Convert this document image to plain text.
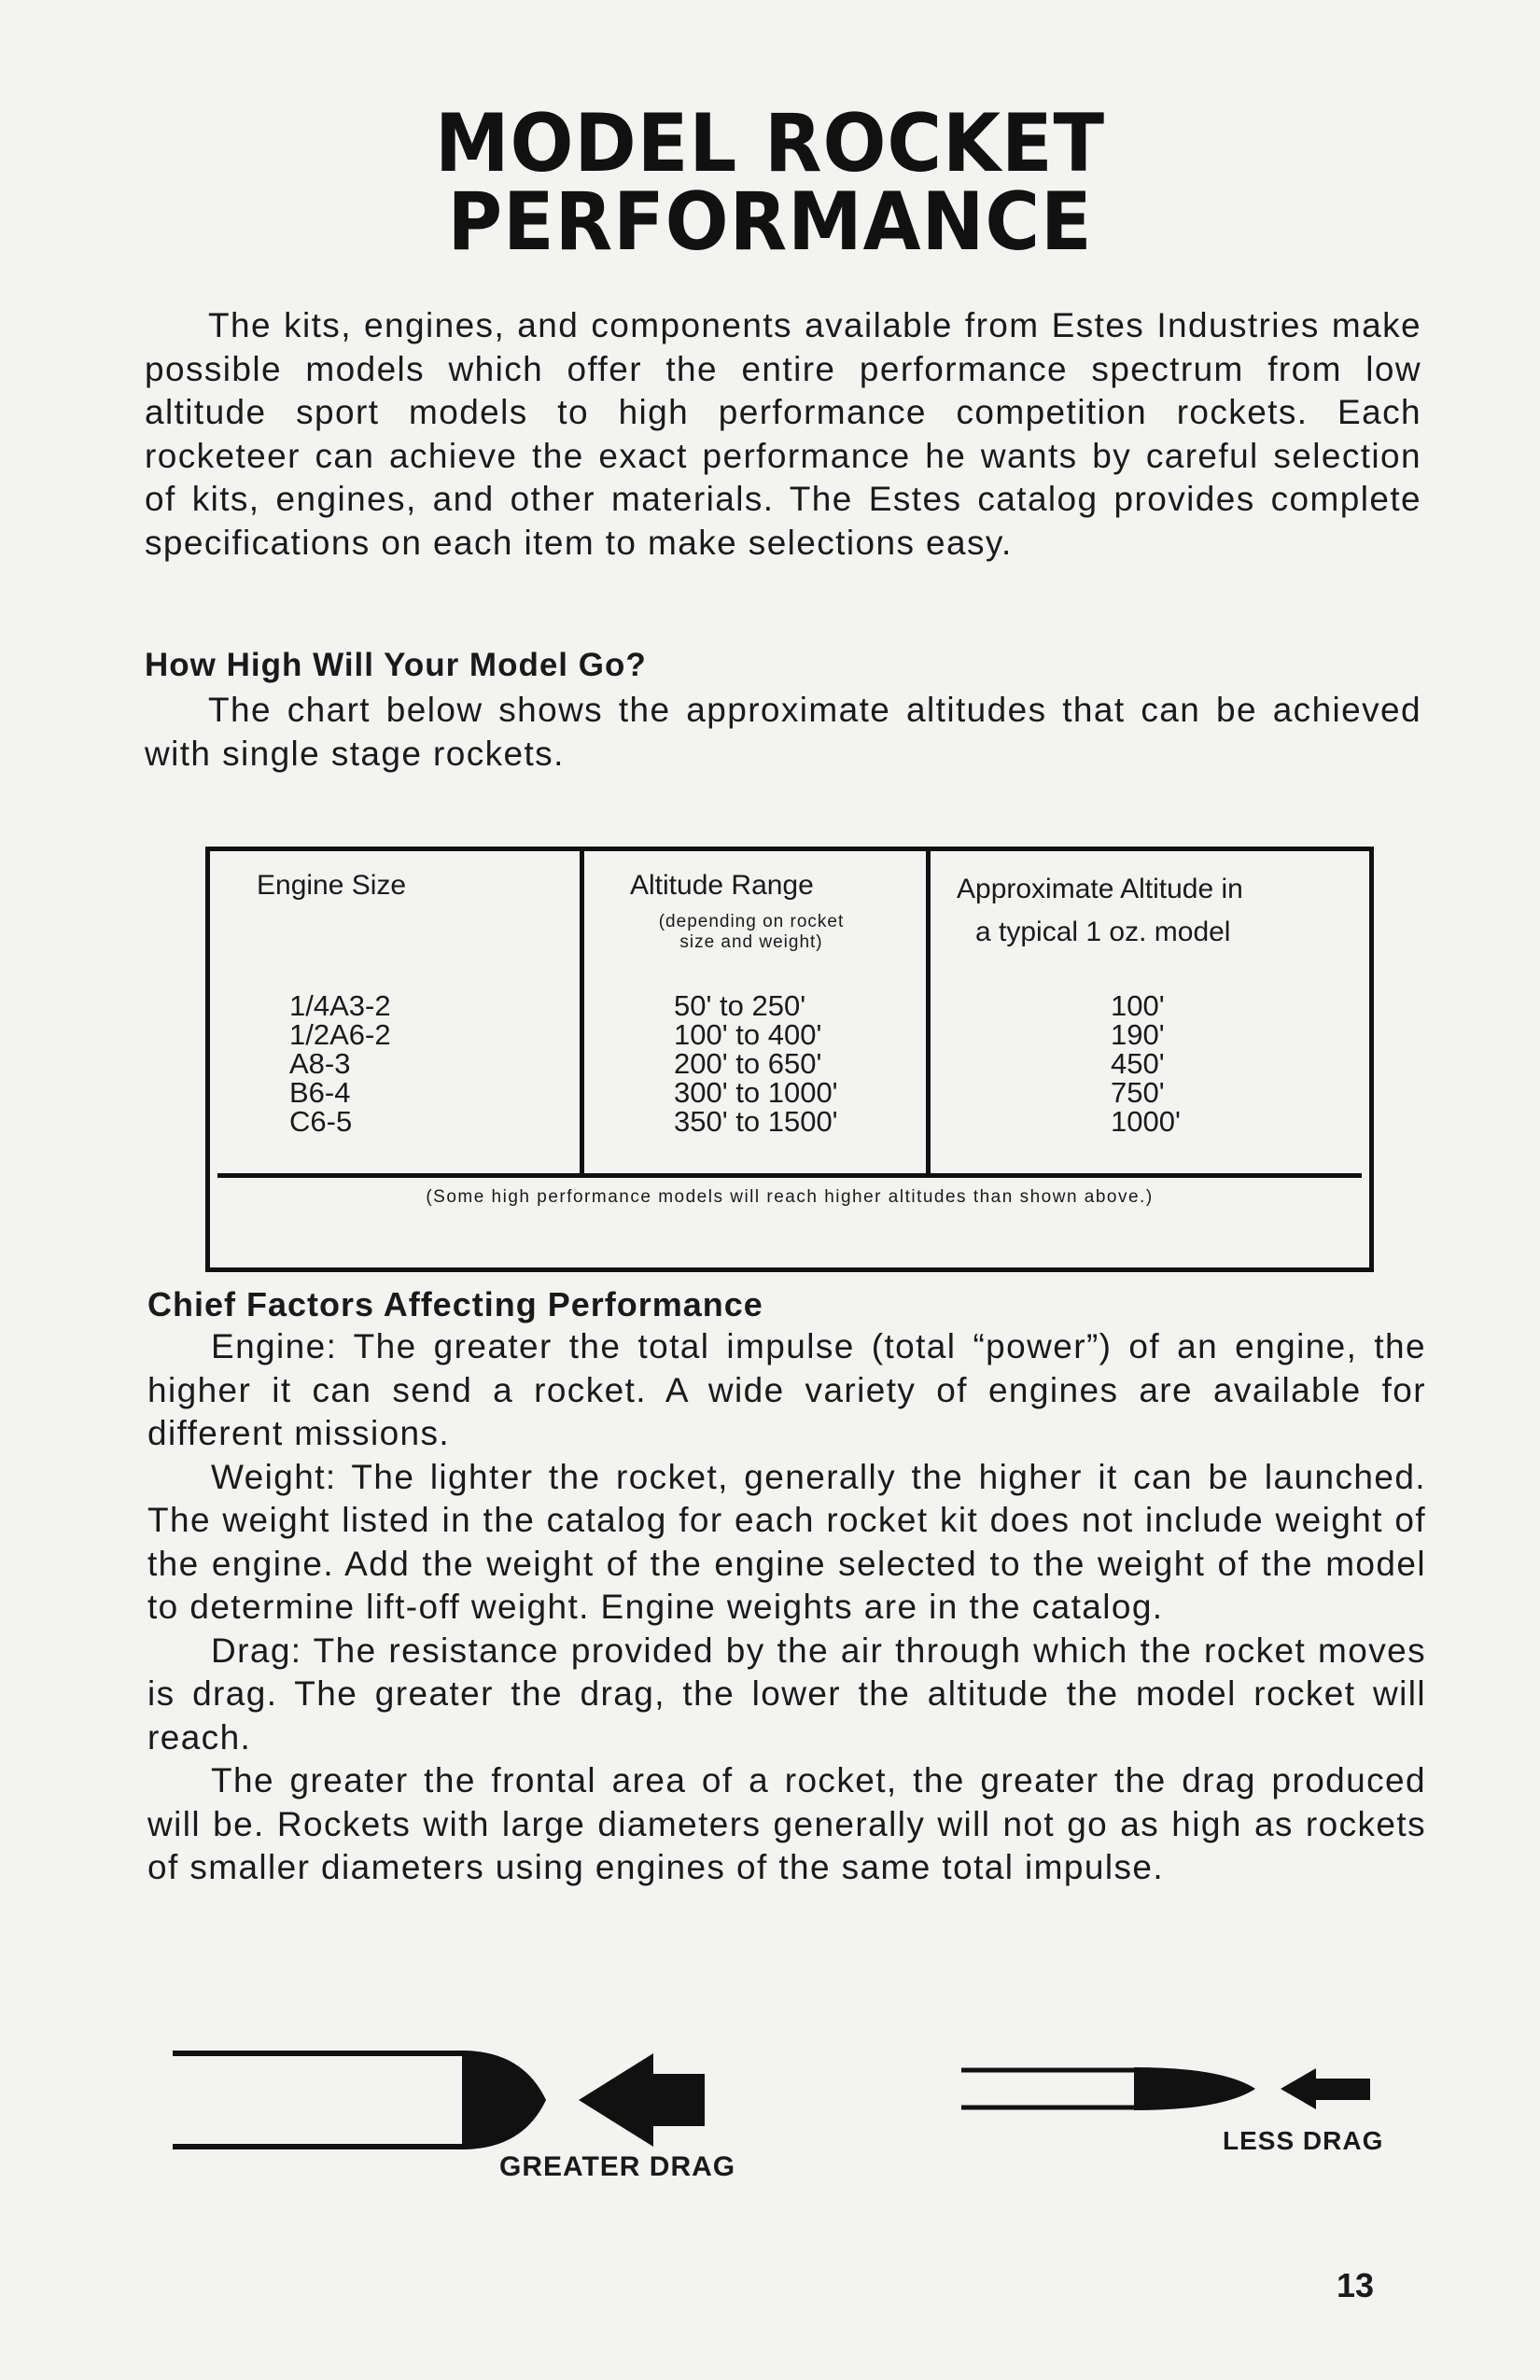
MODEL ROCKET
PERFORMANCE

The kits, engines, and components available from Estes Industries make possible models which offer the entire performance spectrum from low altitude sport models to high performance competition rockets. Each rocketeer can achieve the exact performance he wants by careful selection of kits, engines, and other materials. The Estes catalog provides complete specifications on each item to make selections easy.

How High Will Your Model Go?

The chart below shows the approximate altitudes that can be achieved with single stage rockets.

Engine Size	Altitude Range
(depending on rocket
size and weight)
Approximate Altitude in
a typical 1 oz. model
1/4A3-2
1/2A6-2
A8-3
B6-4
C6-5
50' to 250'
100' to 400'
200' to 650'
300' to 1000'
350' to 1500'
100'
190'
450'
750'
1000'
(Some high performance models will reach higher altitudes than shown above.)
Chief Factors Affecting Performance

Engine: The greater the total impulse (total “power”) of an engine, the higher it can send a rocket. A wide variety of engines are available for different missions.

Weight: The lighter the rocket, generally the higher it can be launched. The weight listed in the catalog for each rocket kit does not include weight of the engine. Add the weight of the engine selected to the weight of the model to determine lift-off weight. Engine weights are in the catalog.

Drag: The resistance provided by the air through which the rocket moves is drag. The greater the drag, the lower the altitude the model rocket will reach.

The greater the frontal area of a rocket, the greater the drag produced will be. Rockets with large diameters generally will not go as high as rockets of smaller diameters using engines of the same total impulse.

GREATER DRAG
LESS DRAG
13
